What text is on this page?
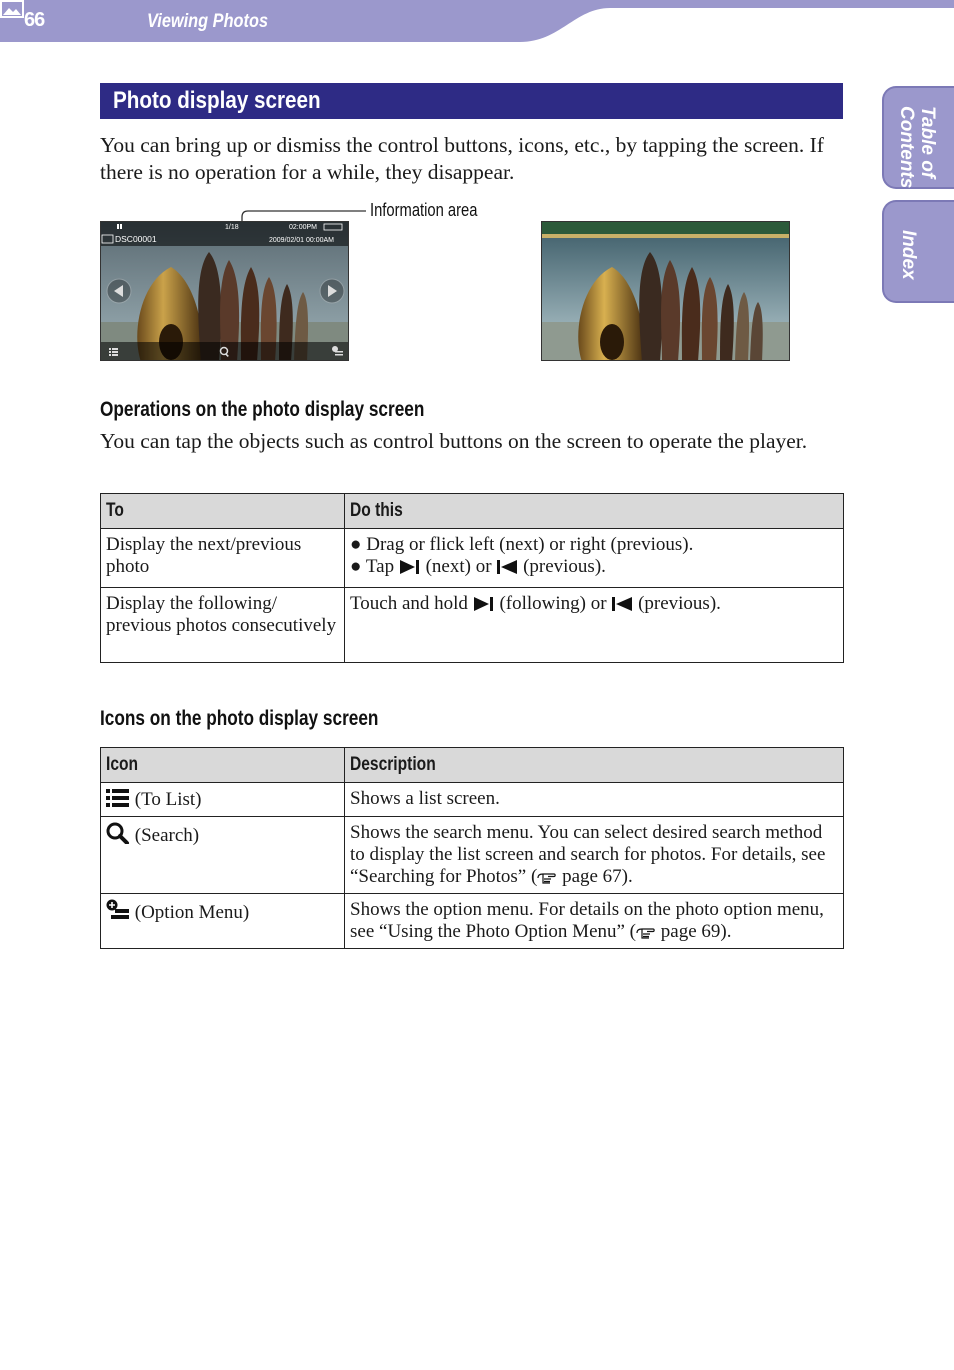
66	Viewing Photos
Table of
Contents
Index
Photo display screen

You can bring up or dismiss the control buttons, icons, etc., by tapping the screen. If there is no operation for a while, they disappear.

Information area
1/18	02:00PM
DSC00001	2009/02/01 00:00AM
Operations on the photo display screen

You can tap the objects such as control buttons on the screen to operate the player.

To	Do this
Display the next/previous photo	● Drag or flick left (next) or right (previous).
● Tap (next) or (previous).

Display the following/ previous photos consecutively	Touch and hold (following) or (previous).
Icons on the photo display screen
Icon	Description
(To List)	Shows a list screen.
(Search)	Shows the search menu. You can select desired search method to display the list screen and search for photos. For details, see “Searching for Photos” ( page 67).
(Option Menu)	Shows the option menu. For details on the photo option menu, see “Using the Photo Option Menu” ( page 69).
